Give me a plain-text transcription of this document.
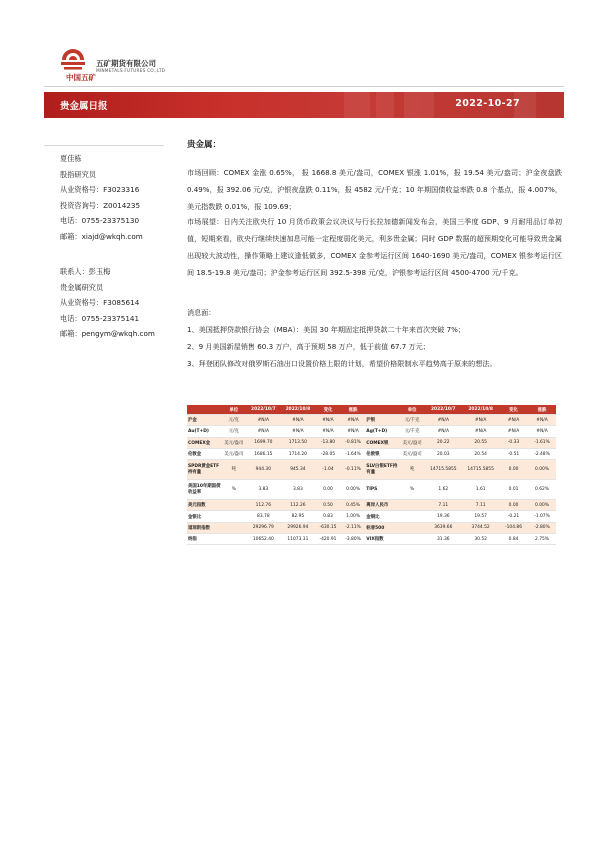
中国五矿
五矿期货有限公司
MINMETALS FUTURES CO.,LTD
贵金属日报	2022-10-27
夏佳栋
股指研究员
从业资格号：F3023316
投资咨询号：Z0014235
电话：0755-23375130
邮箱：xiajd@wkqh.com
联系人：彭玉梅
贵金属研究员
从业资格号：F3085614
电话：0755-23375141
邮箱：pengym@wkqh.com
贵金属：
市场回顾：COMEX 金涨 0.65%， 报 1668.8 美元/盎司，COMEX 银涨 1.01%，报 19.54 美元/盎司；沪金夜盘跌 0.49%，报 392.06 元/克，沪银夜盘跌 0.11%，报 4582 元/千克；10 年期国债收益率跌 0.8 个基点，报 4.007%，美元指数跌 0.01%，报 109.69；
市场展望：日内关注欧央行 10 月货币政策会议决议与行长拉加德新闻发布会，美国三季度 GDP、9 月耐用品订单初值，短期来看，欧央行继续快速加息可能一定程度弱化美元，利多贵金属；同时 GDP 数据的超预期变化可能导致贵金属出现较大波动性，操作策略上建议逢低做多，COMEX 金参考运行区间 1640-1690 美元/盎司，COMEX 银参考运行区间 18.5-19.8 美元/盎司；沪金参考运行区间 392.5-398 元/克，沪银参考运行区间 4500-4700 元/千克。
消息面：
1、美国抵押贷款银行协会（MBA）：美国 30 年期固定抵押贷款二十年来首次突破 7%；
2、9 月美国新屋销售 60.3 万户，高于预期 58 万户，低于前值 67.7 万元；
3、拜登团队修改对俄罗斯石油出口设置价格上限的计划，希望价格限制水平趋势高于原来的想法。
	单位	2022/10/7	2022/10/8	变化	涨跌		单位	2022/10/7	2022/10/8	变化	涨跌
沪金	元/克	#N/A	#N/A	#N/A	#N/A	沪银	元/千克	#N/A	#N/A	#N/A	#N/A
Au(T+D)	元/克	#N/A	#N/A	#N/A	#N/A	Ag(T+D)	元/千克	#N/A	#N/A	#N/A	#N/A
COMEX金	美元/盎司	1699.70	1713.50	-13.80	-0.81%	COMEX银	美元/盎司	20.22	20.55	-0.33	-1.61%
伦敦金	美元/盎司	1686.15	1714.20	-28.05	-1.64%	伦敦银	美元/盎司	20.03	20.54	-0.51	-2.48%
SPDR黄金ETF持有量	吨	944.30	945.34	-1.04	-0.11%	SLV白银ETF持有量	吨	14715.5855	14715.5855	0.00	0.00%
美国10年期国债收益率	%	3.83	3.83	0.00	0.00%	TIPS	%	1.62	1.61	0.01	0.62%
美元指数		112.76	112.26	0.50	0.45%	离岸人民币		7.11	7.11	0.00	0.00%
金银比		83.78	82.95	0.83	1.00%	金铜比		19.36	19.57	-0.21	-1.07%
道琼斯指数		29296.79	29926.94	-630.15	-2.11%	标普500		3639.66	3744.52	-104.86	-2.80%
纳指		10652.40	11073.31	-420.91	-3.80%	VIX指数		31.36	30.52	0.84	2.75%
